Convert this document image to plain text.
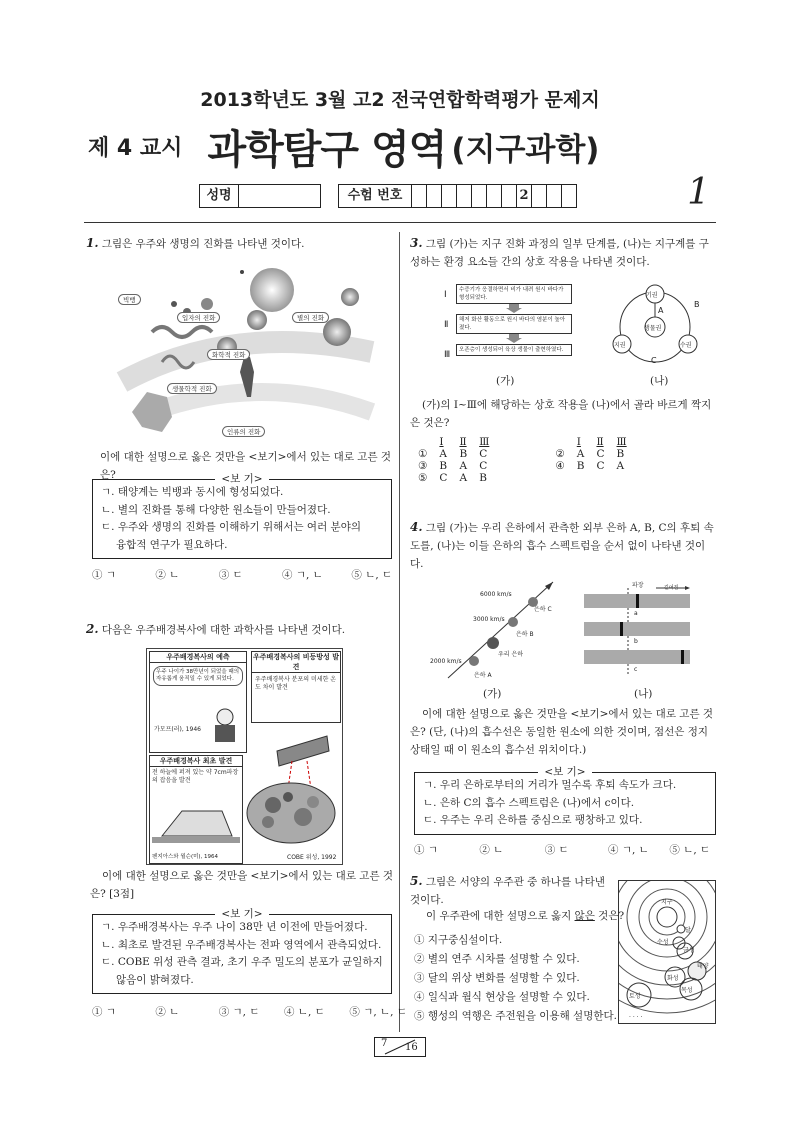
2013학년도 3월 고2 전국연합학력평가 문제지
제 4 교시 과학탐구 영역 (지구과학)
성명	수험 번호	2	1
1. 그림은 우주와 생명의 진화를 나타낸 것이다.
빅뱅
입자의 진화	별의 진화
화학적 진화
생물학적 진화
인류의 진화
이에 대한 설명으로 옳은 것만을 <보기>에서 있는 대로 고른 것은?	<보 기>
ㄱ. 태양계는 빅뱅과 동시에 형성되었다.
ㄴ. 별의 진화를 통해 다양한 원소들이 만들어졌다.
ㄷ. 우주와 생명의 진화를 이해하기 위해서는 여러 분야의
융합적 연구가 필요하다.
① ㄱ	② ㄴ	③ ㄷ	④ ㄱ, ㄴ	⑤ ㄴ, ㄷ
2. 다음은 우주배경복사에 대한 과학사를 나타낸 것이다.
우주배경복사의 예측
우주 나이가 38만년이 되었을 때의 자유롭게 움직일 수 있게 되었다.
가모프(러), 1946
우주배경복사의 비등방성 발견
우주배경복사 분포의 미세한 온도 차이 발견
우주배경복사 최초 발견
전 하늘에 퍼져 있는 약 7cm파장의 잡음을 발견
펜지아스와 윌슨(미), 1964	COBE 위성, 1992
이에 대한 설명으로 옳은 것만을 <보기>에서 있는 대로 고른 것은? [3점]
<보 기>
ㄱ. 우주배경복사는 우주 나이 38만 년 이전에 만들어졌다.
ㄴ. 최초로 발견된 우주배경복사는 전파 영역에서 관측되었다.
ㄷ. COBE 위성 관측 결과, 초기 우주 밀도의 분포가 균일하지
않음이 밝혀졌다.
① ㄱ	② ㄴ	③ ㄱ, ㄷ ④ ㄴ, ㄷ ⑤ ㄱ, ㄴ, ㄷ
3. 그림 (가)는 지구 진화 과정의 일부 단계를, (나)는 지구계를 구성하는 환경 요소들 간의 상호 작용을 나타낸 것이다.
Ⅰ	수증기가 응결하면서 비가 내려 원시 바다가 형성되었다.
Ⅱ	해저 화산 활동으로 원시 바다의 염분이 높아졌다.
Ⅲ	오존층이 생성되어 육상 생물이 출현하였다.
기권
생물권
지권	수권
A
B
C
(가)	(나)
(가)의 Ⅰ~Ⅲ에 해당하는 상호 작용을 (나)에서 골라 바르게 짝지은 것은?
	Ⅰ	Ⅱ	Ⅲ		Ⅰ	Ⅱ	Ⅲ
①	A	B	C	②	A	C	B
③	B	A	C	④	B	C	A
⑤	C	A	B				
4. 그림 (가)는 우리 은하에서 관측한 외부 은하 A, B, C의 후퇴 속도를, (나)는 이들 은하의 흡수 스펙트럼을 순서 없이 나타낸 것이다.
6000 km/s
은하 C
3000 km/s
은하 B
우리 은하
2000 km/s
은하 A
파장	길어짐
a
b
c
(가)	(나)
이에 대한 설명으로 옳은 것만을 <보기>에서 있는 대로 고른 것은? (단, (나)의 흡수선은 동일한 원소에 의한 것이며, 점선은 정지 상태일 때 이 원소의 흡수선 위치이다.)
<보 기>
ㄱ. 우리 은하로부터의 거리가 멀수록 후퇴 속도가 크다.
ㄴ. 은하 C의 흡수 스펙트럼은 (나)에서 c이다.
ㄷ. 우주는 우리 은하를 중심으로 팽창하고 있다.
① ㄱ	② ㄴ	③ ㄷ	④ ㄱ, ㄴ ⑤ ㄴ, ㄷ
5. 그림은 서양의 우주관 중 하나를 나타낸 것이다.
이 우주관에 대한 설명으로 옳지 않은 것은?
① 지구중심설이다.
② 별의 연주 시차를 설명할 수 있다.
③ 달의 위상 변화를 설명할 수 있다.
④ 일식과 월식 현상을 설명할 수 있다.
⑤ 행성의 역행은 주전원을 이용해 설명한다. · · · ·
지구
달
수성
금성
태양
화성
목성
토성
7 16
